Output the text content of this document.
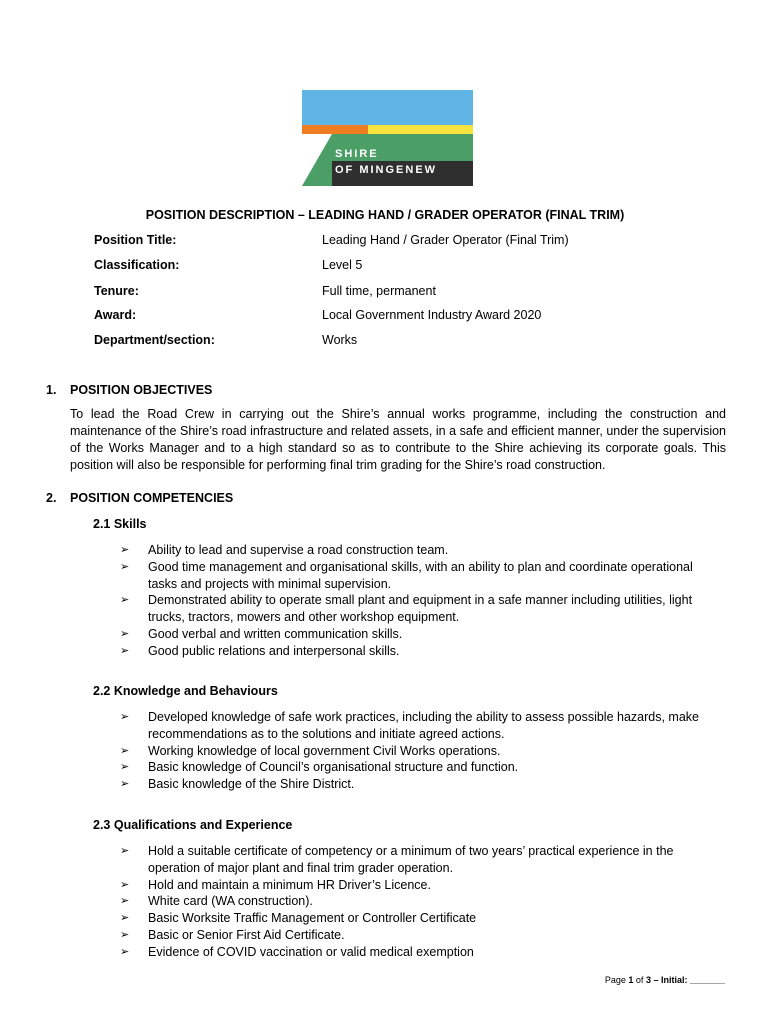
SHIRE
OF MINGENEW
POSITION DESCRIPTION – LEADING HAND / GRADER OPERATOR (FINAL TRIM)
Position Title:	Leading Hand / Grader Operator (Final Trim)
Classification:	Level 5
Tenure:	Full time, permanent
Award:	Local Government Industry Award 2020
Department/section:	Works
1. POSITION OBJECTIVES
To lead the Road Crew in carrying out the Shire’s annual works programme, including the construction and maintenance of the Shire’s road infrastructure and related assets, in a safe and efficient manner, under the supervision of the Works Manager and to a high standard so as to contribute to the Shire achieving its corporate goals. This position will also be responsible for performing final trim grading for the Shire’s road construction.
2. POSITION COMPETENCIES
2.1 Skills
➢ Ability to lead and supervise a road construction team.
➢ Good time management and organisational skills, with an ability to plan and coordinate operational tasks and projects with minimal supervision.
➢ Demonstrated ability to operate small plant and equipment in a safe manner including utilities, light trucks, tractors, mowers and other workshop equipment.
➢ Good verbal and written communication skills.
➢ Good public relations and interpersonal skills.
2.2 Knowledge and Behaviours
➢ Developed knowledge of safe work practices, including the ability to assess possible hazards, make recommendations as to the solutions and initiate agreed actions.
➢ Working knowledge of local government Civil Works operations.
➢ Basic knowledge of Council’s organisational structure and function.
➢ Basic knowledge of the Shire District.
2.3 Qualifications and Experience
➢ Hold a suitable certificate of competency or a minimum of two years’ practical experience in the operation of major plant and final trim grader operation.
➢ Hold and maintain a minimum HR Driver’s Licence.
➢ White card (WA construction).
➢ Basic Worksite Traffic Management or Controller Certificate
➢ Basic or Senior First Aid Certificate.
➢ Evidence of COVID vaccination or valid medical exemption
Page 1 of 3 – Initial: _______
